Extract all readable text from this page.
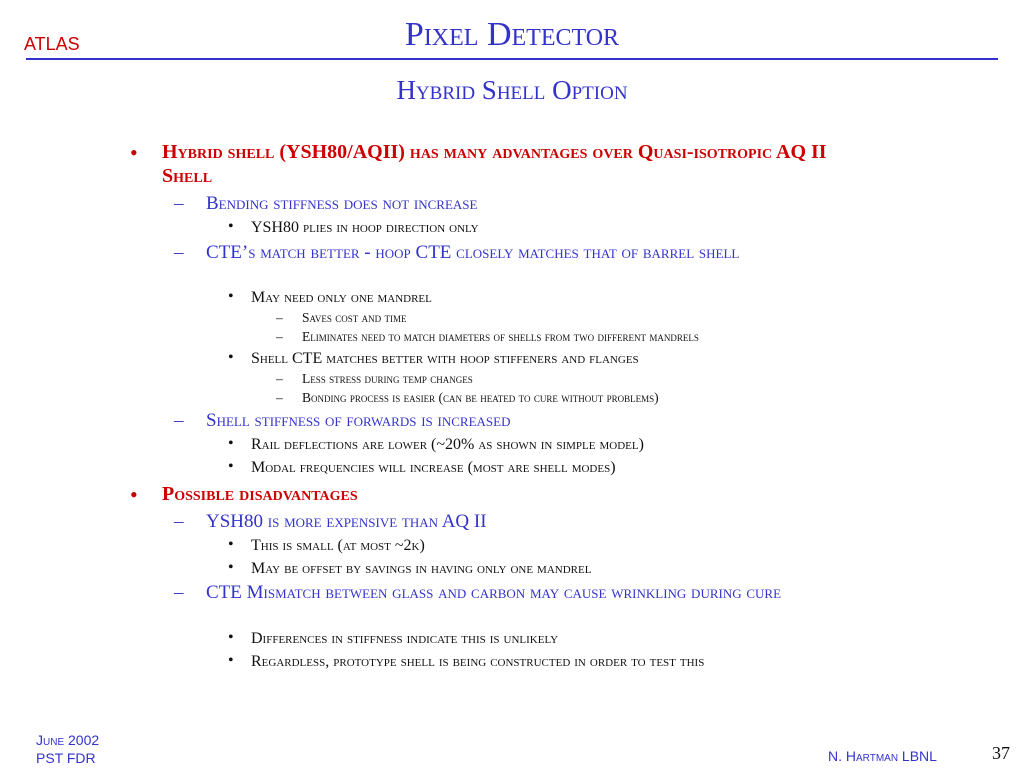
ATLAS	Pixel Detector
Hybrid Shell Option
• Hybrid shell (YSH80/AQII) has many advantages over Quasi-isotropic AQ II Shell
– Bending stiffness does not increase
• YSH80 plies in hoop direction only
– CTE’s match better - hoop CTE closely matches that of barrel shell
• May need only one mandrel
– Saves cost and time
– Eliminates need to match diameters of shells from two different mandrels
• Shell CTE matches better with hoop stiffeners and flanges
– Less stress during temp changes
– Bonding process is easier (can be heated to cure without problems)
– Shell stiffness of forwards is increased
• Rail deflections are lower (~20% as shown in simple model)
• Modal frequencies will increase (most are shell modes)
• Possible disadvantages
– YSH80 is more expensive than AQ II
• This is small (at most ~2k)
• May be offset by savings in having only one mandrel
– CTE Mismatch between glass and carbon may cause wrinkling during cure
• Differences in stiffness indicate this is unlikely
• Regardless, prototype shell is being constructed in order to test this
June 2002
PST FDR	N. Hartman LBNL	37
